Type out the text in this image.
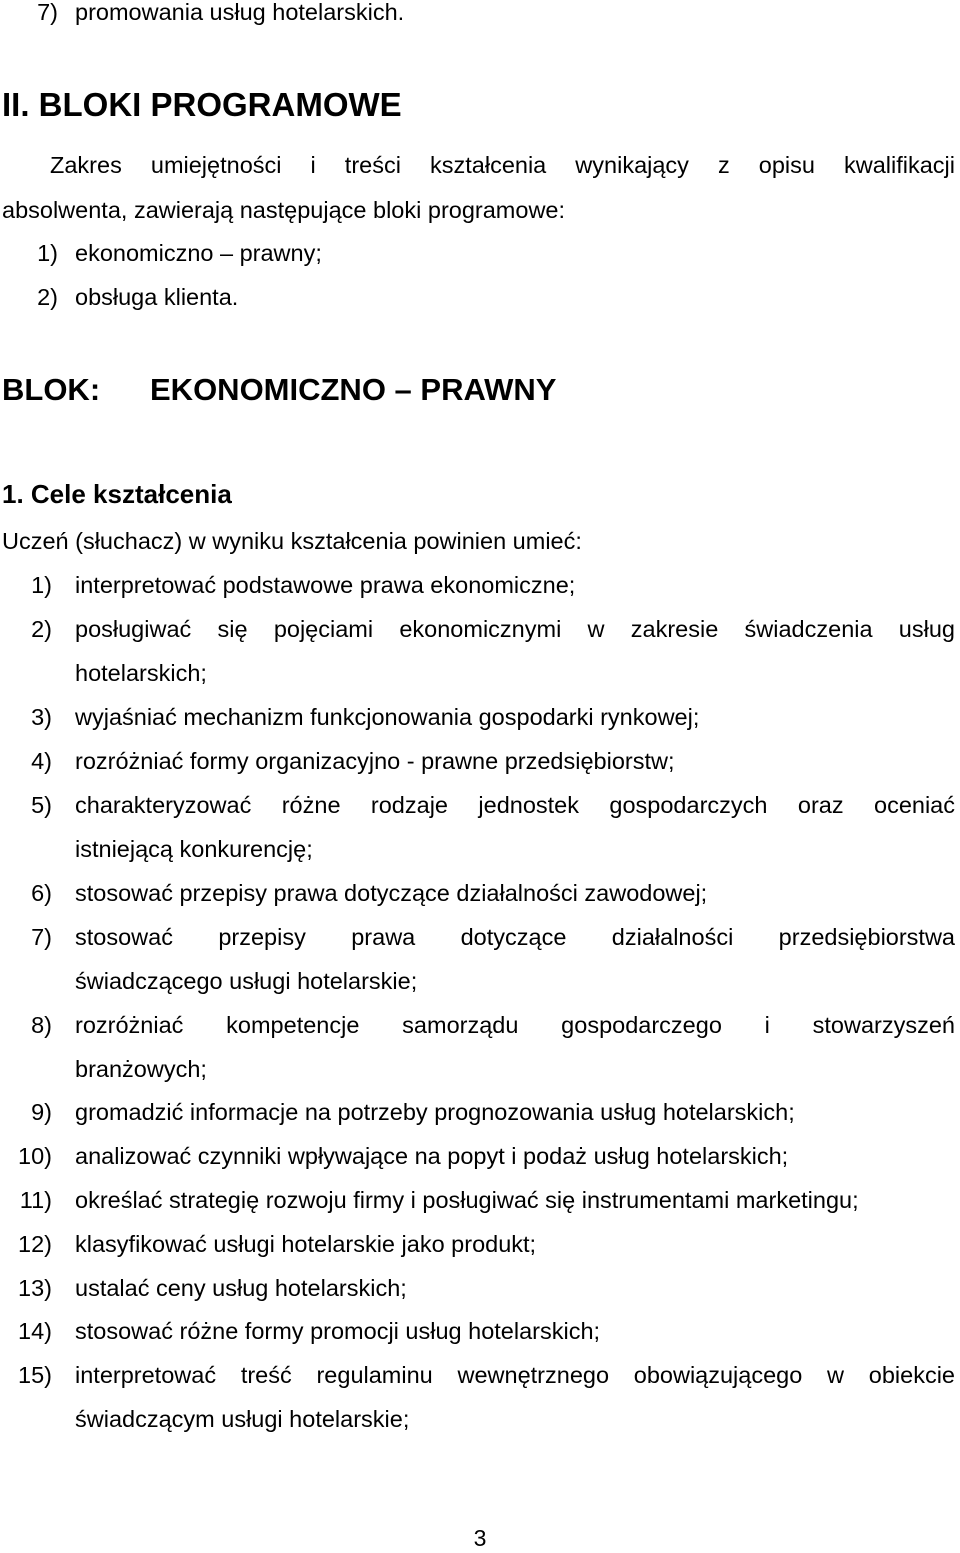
7) promowania usług hotelarskich.
II. BLOKI PROGRAMOWE
Zakres umiejętności i treści kształcenia wynikający z opisu kwalifikacji
absolwenta, zawierają następujące bloki programowe:
1) ekonomiczno – prawny;
2) obsługa klienta.
BLOK: EKONOMICZNO – PRAWNY
1. Cele kształcenia
Uczeń (słuchacz) w wyniku kształcenia powinien umieć:
1) interpretować podstawowe prawa ekonomiczne;
2) posługiwać się pojęciami ekonomicznymi w zakresie świadczenia usług
hotelarskich;
3) wyjaśniać mechanizm funkcjonowania gospodarki rynkowej;
4) rozróżniać formy organizacyjno - prawne przedsiębiorstw;
5) charakteryzować różne rodzaje jednostek gospodarczych oraz oceniać
istniejącą konkurencję;
6) stosować przepisy prawa dotyczące działalności zawodowej;
7) stosować przepisy prawa dotyczące działalności przedsiębiorstwa
świadczącego usługi hotelarskie;
8) rozróżniać kompetencje samorządu gospodarczego i stowarzyszeń
branżowych;
9) gromadzić informacje na potrzeby prognozowania usług hotelarskich;
10) analizować czynniki wpływające na popyt i podaż usług hotelarskich;
11) określać strategię rozwoju firmy i posługiwać się instrumentami marketingu;
12) klasyfikować usługi hotelarskie jako produkt;
13) ustalać ceny usług hotelarskich;
14) stosować różne formy promocji usług hotelarskich;
15) interpretować treść regulaminu wewnętrznego obowiązującego w obiekcie
świadczącym usługi hotelarskie;
3
